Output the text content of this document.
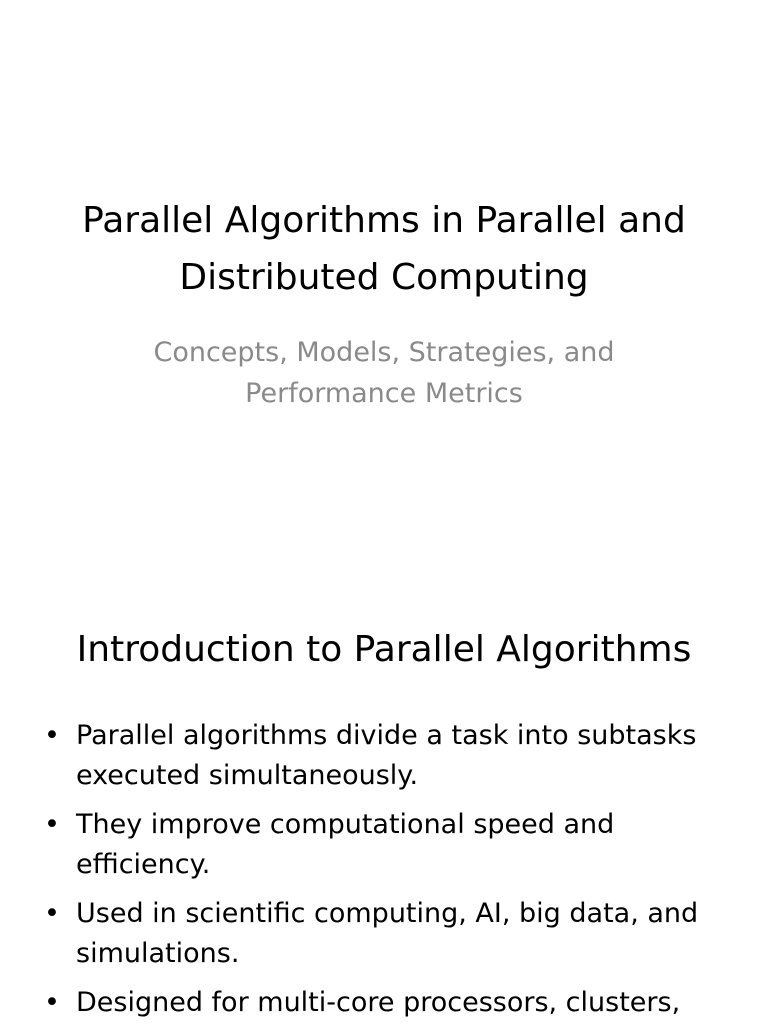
Parallel Algorithms in Parallel and
Distributed Computing
Concepts, Models, Strategies, and
Performance Metrics
Introduction to Parallel Algorithms
• Parallel algorithms divide a task into subtasks
executed simultaneously.
• They improve computational speed and
efficiency.
• Used in scientific computing, AI, big data, and
simulations.
• Designed for multi-core processors, clusters,
